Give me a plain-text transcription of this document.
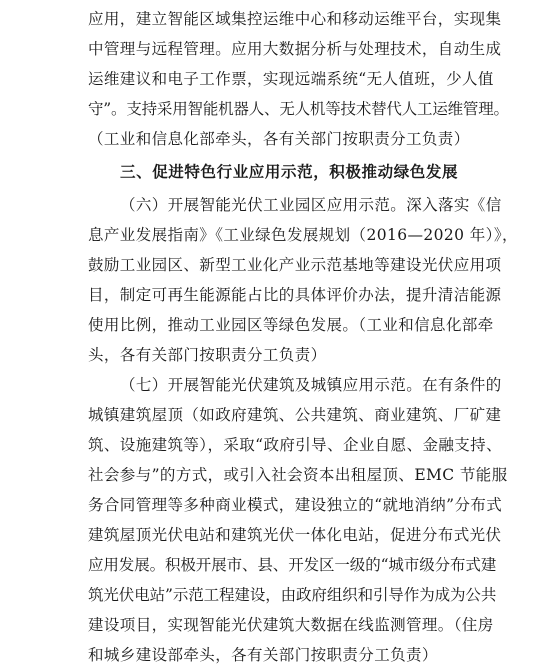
应用，建立智能区域集控运维中心和移动运维平台，实现集
中管理与远程管理。应用大数据分析与处理技术，自动生成
运维建议和电子工作票，实现远端系统“无人值班，少人值
守”。支持采用智能机器人、无人机等技术替代人工运维管理。
（工业和信息化部牵头，各有关部门按职责分工负责）
三、促进特色行业应用示范，积极推动绿色发展
（六）开展智能光伏工业园区应用示范。深入落实《信
息产业发展指南》《工业绿色发展规划（2016—2020 年）》，
鼓励工业园区、新型工业化产业示范基地等建设光伏应用项
目，制定可再生能源能占比的具体评价办法，提升清洁能源
使用比例，推动工业园区等绿色发展。（工业和信息化部牵
头，各有关部门按职责分工负责）
（七）开展智能光伏建筑及城镇应用示范。在有条件的
城镇建筑屋顶（如政府建筑、公共建筑、商业建筑、厂矿建
筑、设施建筑等），采取“政府引导、企业自愿、金融支持、
社会参与”的方式，或引入社会资本出租屋顶、EMC 节能服
务合同管理等多种商业模式，建设独立的“就地消纳”分布式
建筑屋顶光伏电站和建筑光伏一体化电站，促进分布式光伏
应用发展。积极开展市、县、开发区一级的“城市级分布式建
筑光伏电站”示范工程建设，由政府组织和引导作为成为公共
建设项目，实现智能光伏建筑大数据在线监测管理。（住房
和城乡建设部牵头，各有关部门按职责分工负责）
